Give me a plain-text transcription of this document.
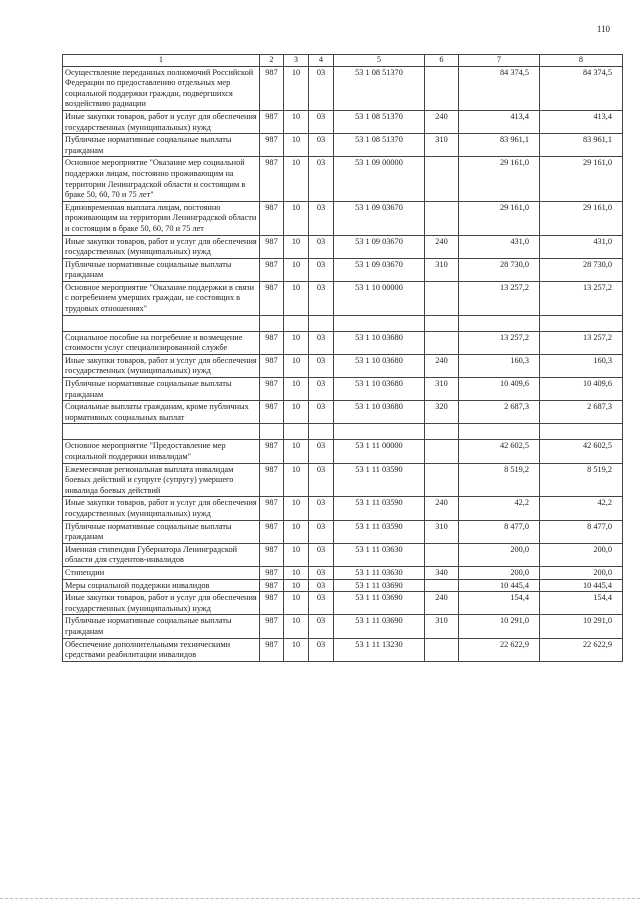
110
1	2	3	4	5	6	7	8
Осуществление переданных полномочий Российской Федерации по предоставлению отдельных мер социальной поддержки граждан, подвергшихся воздействию радиации	987	10	03	53 1 08 51370		84 374,5	84 374,5
Иные закупки товаров, работ и услуг для обеспечения государственных (муниципальных) нужд	987	10	03	53 1 08 51370	240	413,4	413,4
Публичные нормативные социальные выплаты гражданам	987	10	03	53 1 08 51370	310	83 961,1	83 961,1
Основное мероприятие "Оказание мер социальной поддержки лицам, постоянно проживающим на территории Ленинградской области и состоящим в браке 50, 60, 70 и 75 лет"	987	10	03	53 1 09 00000		29 161,0	29 161,0
Единовременная выплата лицам, постоянно проживающим на территории Ленинградской области и состоящим в браке 50, 60, 70 и 75 лет	987	10	03	53 1 09 03670		29 161,0	29 161,0
Иные закупки товаров, работ и услуг для обеспечения государственных (муниципальных) нужд	987	10	03	53 1 09 03670	240	431,0	431,0
Публичные нормативные социальные выплаты гражданам	987	10	03	53 1 09 03670	310	28 730,0	28 730,0
Основное мероприятие "Оказание поддержки в связи с погребением умерших граждан, не состоящих в трудовых отношениях"	987	10	03	53 1 10 00000		13 257,2	13 257,2

Социальное пособие на погребение и возмещение стоимости услуг специализированной службе	987	10	03	53 1 10 03680		13 257,2	13 257,2
Иные закупки товаров, работ и услуг для обеспечения государственных (муниципальных) нужд	987	10	03	53 1 10 03680	240	160,3	160,3
Публичные нормативные социальные выплаты гражданам	987	10	03	53 1 10 03680	310	10 409,6	10 409,6
Социальные выплаты гражданам, кроме публичных нормативных социальных выплат	987	10	03	53 1 10 03680	320	2 687,3	2 687,3

Основное мероприятие "Предоставление мер социальной поддержки инвалидам"	987	10	03	53 1 11 00000		42 602,5	42 602,5
Ежемесячная региональная выплата инвалидам боевых действий и супруге (супругу) умершего инвалида боевых действий	987	10	03	53 1 11 03590		8 519,2	8 519,2
Иные закупки товаров, работ и услуг для обеспечения государственных (муниципальных) нужд	987	10	03	53 1 11 03590	240	42,2	42,2
Публичные нормативные социальные выплаты гражданам	987	10	03	53 1 11 03590	310	8 477,0	8 477,0
Именная стипендия Губернатора Ленинградской области для студентов-инвалидов	987	10	03	53 1 11 03630		200,0	200,0
Стипендии	987	10	03	53 1 11 03630	340	200,0	200,0
Меры социальной поддержки инвалидов	987	10	03	53 1 11 03690		10 445,4	10 445,4
Иные закупки товаров, работ и услуг для обеспечения государственных (муниципальных) нужд	987	10	03	53 1 11 03690	240	154,4	154,4
Публичные нормативные социальные выплаты гражданам	987	10	03	53 1 11 03690	310	10 291,0	10 291,0
Обеспечение дополнительными техническими средствами реабилитации инвалидов	987	10	03	53 1 11 13230		22 622,9	22 622,9
